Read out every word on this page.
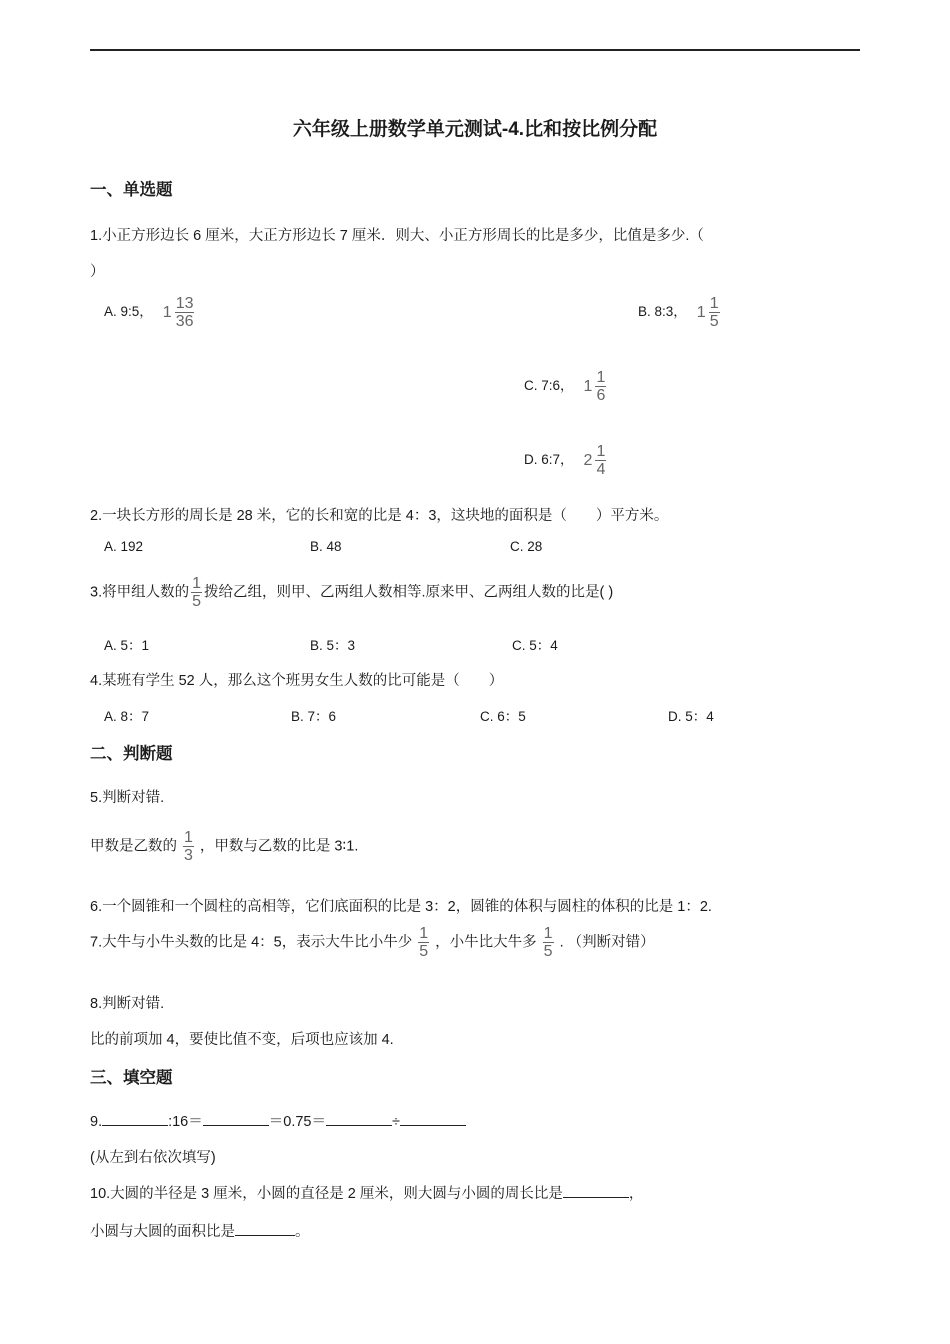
六年级上册数学单元测试-4.比和按比例分配
一、单选题
1.小正方形边长 6 厘米，大正方形边长 7 厘米．则大、小正方形周长的比是多少，比值是多少.（
）
A. 9:5， $1 \frac{13}{36}$	B. 8:3， $1 \frac{1}{5}$
C. 7:6， $1 \frac{1}{6}$
D. 6:7， $2 \frac{1}{4}$
2.一块长方形的周长是 28 米，它的长和宽的比是 4：3，这块地的面积是（　　）平方米。
A. 192	B. 48	C. 28
3.将甲组人数的 $\frac{1}{5}$ 拨给乙组，则甲、乙两组人数相等.原来甲、乙两组人数的比是( )
A. 5：1	B. 5：3	C. 5：4
4.某班有学生 52 人，那么这个班男女生人数的比可能是（　　）
A. 8：7	B. 7：6	C. 6：5	D. 5：4
二、判断题
5.判断对错.
甲数是乙数的 $\frac{1}{3}$ ，甲数与乙数的比是 3∶1.
6.一个圆锥和一个圆柱的高相等，它们底面积的比是 3：2，圆锥的体积与圆柱的体积的比是 1：2.
7.大牛与小牛头数的比是 4：5，表示大牛比小牛少 $\frac{1}{5}$ ，小牛比大牛多 $\frac{1}{5}$ . （判断对错）
8.判断对错.
比的前项加 4，要使比值不变，后项也应该加 4.
三、填空题
9.	:16＝	＝0.75＝	÷
(从左到右依次填写)
10.大圆的半径是 3 厘米，小圆的直径是 2 厘米，则大圆与小圆的周长比是	，
小圆与大圆的面积比是	。
